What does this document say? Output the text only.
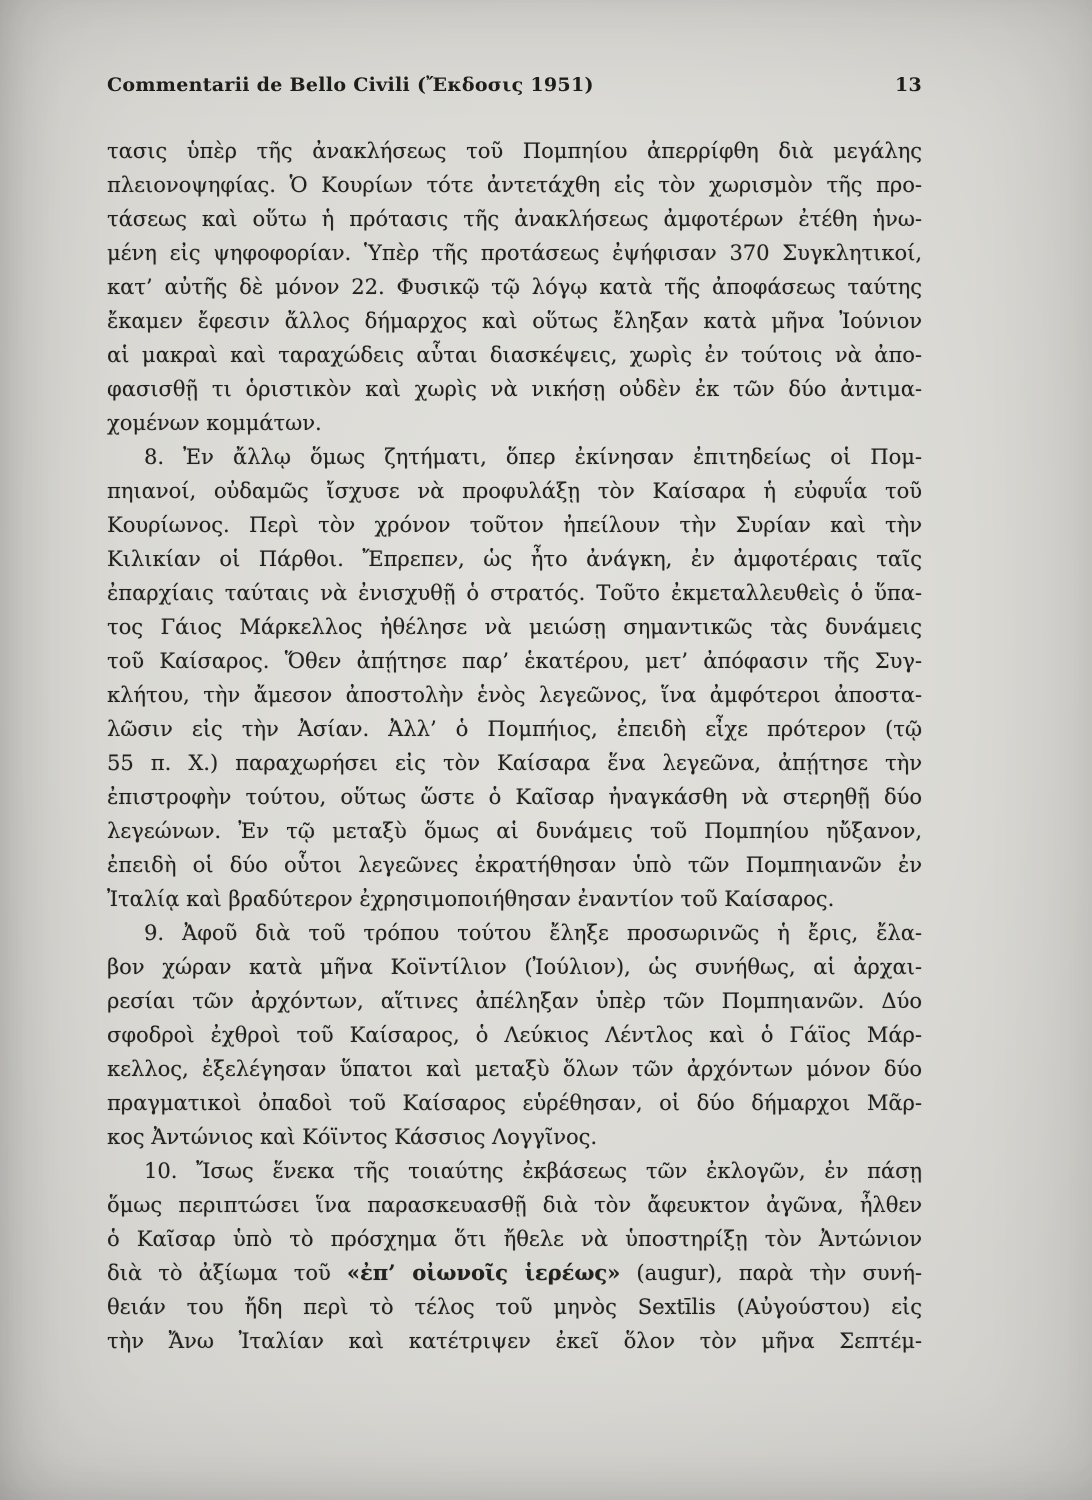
Commentarii de Bello Civili (Ἔκδοσις 1951)	13
τασις ὑπὲρ τῆς ἀνακλήσεως τοῦ Πομπηίου ἀπερρίφθη διὰ μεγάλης
πλειονοψηφίας. Ὁ Κουρίων τότε ἀντετάχθη εἰς τὸν χωρισμὸν τῆς προ-
τάσεως καὶ οὕτω ἡ πρότασις τῆς ἀνακλήσεως ἀμφοτέρων ἐτέθη ἡνω-
μένη εἰς ψηφοφορίαν. Ὑπὲρ τῆς προτάσεως ἐψήφισαν 370 Συγκλητικοί,
κατ’ αὐτῆς δὲ μόνον 22. Φυσικῷ τῷ λόγῳ κατὰ τῆς ἀποφάσεως ταύτης
ἔκαμεν ἔφεσιν ἄλλος δήμαρχος καὶ οὕτως ἔληξαν κατὰ μῆνα Ἰούνιον
αἱ μακραὶ καὶ ταραχώδεις αὗται διασκέψεις, χωρὶς ἐν τούτοις νὰ ἀπο-
φασισθῇ τι ὁριστικὸν καὶ χωρὶς νὰ νικήσῃ οὐδὲν ἐκ τῶν δύο ἀντιμα-
χομένων κομμάτων.
8. Ἐν ἄλλῳ ὅμως ζητήματι, ὅπερ ἐκίνησαν ἐπιτηδείως οἱ Πομ-
πηιανοί, οὐδαμῶς ἴσχυσε νὰ προφυλάξῃ τὸν Καίσαρα ἡ εὐφυΐα τοῦ
Κουρίωνος. Περὶ τὸν χρόνον τοῦτον ἠπείλουν τὴν Συρίαν καὶ τὴν
Κιλικίαν οἱ Πάρθοι. Ἔπρεπεν, ὡς ἦτο ἀνάγκη, ἐν ἀμφοτέραις ταῖς
ἐπαρχίαις ταύταις νὰ ἐνισχυθῇ ὁ στρατός. Τοῦτο ἐκμεταλλευθεὶς ὁ ὕπα-
τος Γάιος Μάρκελλος ἠθέλησε νὰ μειώσῃ σημαντικῶς τὰς δυνάμεις
τοῦ Καίσαρος. Ὅθεν ἀπῄτησε παρ’ ἑκατέρου, μετ’ ἀπόφασιν τῆς Συγ-
κλήτου, τὴν ἄμεσον ἀποστολὴν ἑνὸς λεγεῶνος, ἵνα ἀμφότεροι ἀποστα-
λῶσιν εἰς τὴν Ἀσίαν. Ἀλλ’ ὁ Πομπήιος, ἐπειδὴ εἶχε πρότερον (τῷ
55 π. Χ.) παραχωρήσει εἰς τὸν Καίσαρα ἕνα λεγεῶνα, ἀπῄτησε τὴν
ἐπιστροφὴν τούτου, οὕτως ὥστε ὁ Καῖσαρ ἠναγκάσθη νὰ στερηθῇ δύο
λεγεώνων. Ἐν τῷ μεταξὺ ὅμως αἱ δυνάμεις τοῦ Πομπηίου ηὔξανον,
ἐπειδὴ οἱ δύο οὗτοι λεγεῶνες ἐκρατήθησαν ὑπὸ τῶν Πομπηιανῶν ἐν
Ἰταλίᾳ καὶ βραδύτερον ἐχρησιμοποιήθησαν ἐναντίον τοῦ Καίσαρος.
9. Ἀφοῦ διὰ τοῦ τρόπου τούτου ἔληξε προσωρινῶς ἡ ἔρις, ἔλα-
βον χώραν κατὰ μῆνα Κοϊντίλιον (Ἰούλιον), ὡς συνήθως, αἱ ἀρχαι-
ρεσίαι τῶν ἀρχόντων, αἵτινες ἀπέληξαν ὑπὲρ τῶν Πομπηιανῶν. Δύο
σφοδροὶ ἐχθροὶ τοῦ Καίσαρος, ὁ Λεύκιος Λέντλος καὶ ὁ Γάϊος Μάρ-
κελλος, ἐξελέγησαν ὕπατοι καὶ μεταξὺ ὅλων τῶν ἀρχόντων μόνον δύο
πραγματικοὶ ὀπαδοὶ τοῦ Καίσαρος εὑρέθησαν, οἱ δύο δήμαρχοι Μᾶρ-
κος Ἀντώνιος καὶ Κόϊντος Κάσσιος Λογγῖνος.
10. Ἴσως ἕνεκα τῆς τοιαύτης ἐκβάσεως τῶν ἐκλογῶν, ἐν πάσῃ
ὅμως περιπτώσει ἵνα παρασκευασθῇ διὰ τὸν ἄφευκτον ἀγῶνα, ἦλθεν
ὁ Καῖσαρ ὑπὸ τὸ πρόσχημα ὅτι ἤθελε νὰ ὑποστηρίξῃ τὸν Ἀντώνιον
διὰ τὸ ἀξίωμα τοῦ «ἐπ’ οἰωνοῖς ἱερέως» (augur), παρὰ τὴν συνή-
θειάν του ἤδη περὶ τὸ τέλος τοῦ μηνὸς Sextīlis (Αὐγούστου) εἰς
τὴν Ἄνω Ἰταλίαν καὶ κατέτριψεν ἐκεῖ ὅλον τὸν μῆνα Σεπτέμ-
